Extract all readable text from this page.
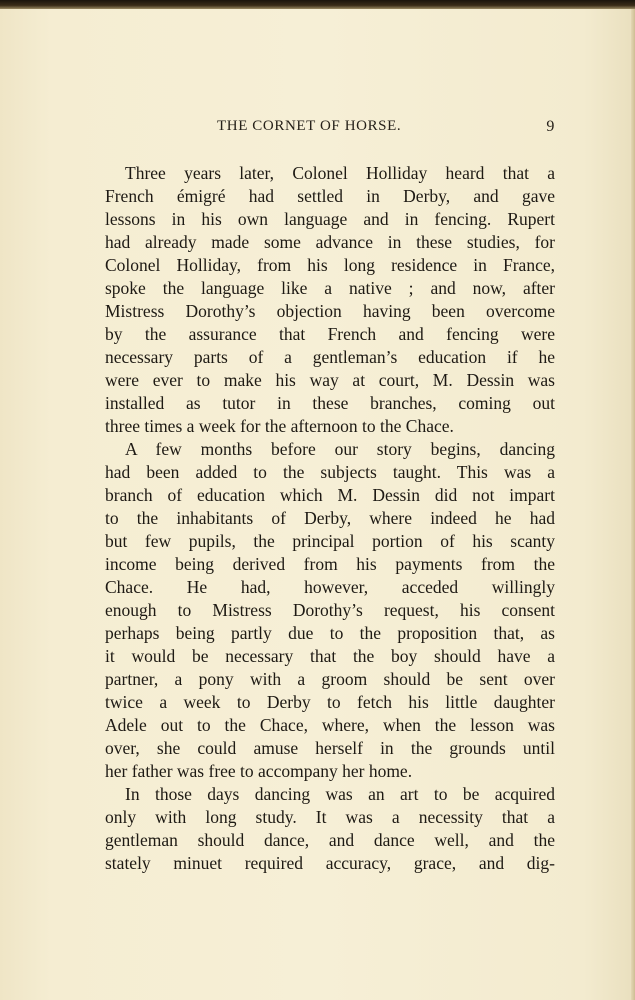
THE CORNET OF HORSE.	9
Three years later, Colonel Holliday heard that a
French émigré had settled in Derby, and gave
lessons in his own language and in fencing. Rupert
had already made some advance in these studies, for
Colonel Holliday, from his long residence in France,
spoke the language like a native ; and now, after
Mistress Dorothy’s objection having been overcome
by the assurance that French and fencing were
necessary parts of a gentleman’s education if he
were ever to make his way at court, M. Dessin was
installed as tutor in these branches, coming out
three times a week for the afternoon to the Chace.
A few months before our story begins, dancing
had been added to the subjects taught. This was a
branch of education which M. Dessin did not impart
to the inhabitants of Derby, where indeed he had
but few pupils, the principal portion of his scanty
income being derived from his payments from the
Chace. He had, however, acceded willingly
enough to Mistress Dorothy’s request, his consent
perhaps being partly due to the proposition that, as
it would be necessary that the boy should have a
partner, a pony with a groom should be sent over
twice a week to Derby to fetch his little daughter
Adele out to the Chace, where, when the lesson was
over, she could amuse herself in the grounds until
her father was free to accompany her home.
In those days dancing was an art to be acquired
only with long study. It was a necessity that a
gentleman should dance, and dance well, and the
stately minuet required accuracy, grace, and dig-
